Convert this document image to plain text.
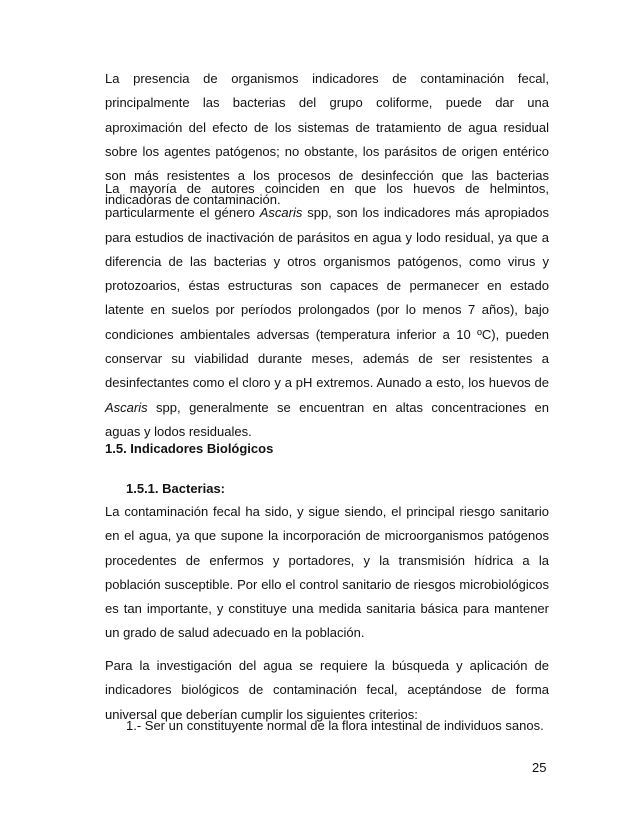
La presencia de organismos indicadores de contaminación fecal, principalmente las bacterias del grupo coliforme, puede dar una aproximación del efecto de los sistemas de tratamiento de agua residual sobre los agentes patógenos; no obstante, los parásitos de origen entérico son más resistentes a los procesos de desinfección que las bacterias indicadoras de contaminación.

La mayoría de autores coinciden en que los huevos de helmintos, particularmente el género Ascaris spp, son los indicadores más apropiados para estudios de inactivación de parásitos en agua y lodo residual, ya que a diferencia de las bacterias y otros organismos patógenos, como virus y protozoarios, éstas estructuras son capaces de permanecer en estado latente en suelos por períodos prolongados (por lo menos 7 años), bajo condiciones ambientales adversas (temperatura inferior a 10 ºC), pueden conservar su viabilidad durante meses, además de ser resistentes a desinfectantes como el cloro y a pH extremos. Aunado a esto, los huevos de Ascaris spp, generalmente se encuentran en altas concentraciones en aguas y lodos residuales.

1.5. Indicadores Biológicos
1.5.1. Bacterias:

La contaminación fecal ha sido, y sigue siendo, el principal riesgo sanitario en el agua, ya que supone la incorporación de microorganismos patógenos procedentes de enfermos y portadores, y la transmisión hídrica a la población susceptible. Por ello el control sanitario de riesgos microbiológicos es tan importante, y constituye una medida sanitaria básica para mantener un grado de salud adecuado en la población.

Para la investigación del agua se requiere la búsqueda y aplicación de indicadores biológicos de contaminación fecal, aceptándose de forma universal que deberían cumplir los siguientes criterios:

1.- Ser un constituyente normal de la flora intestinal de individuos sanos.
25
